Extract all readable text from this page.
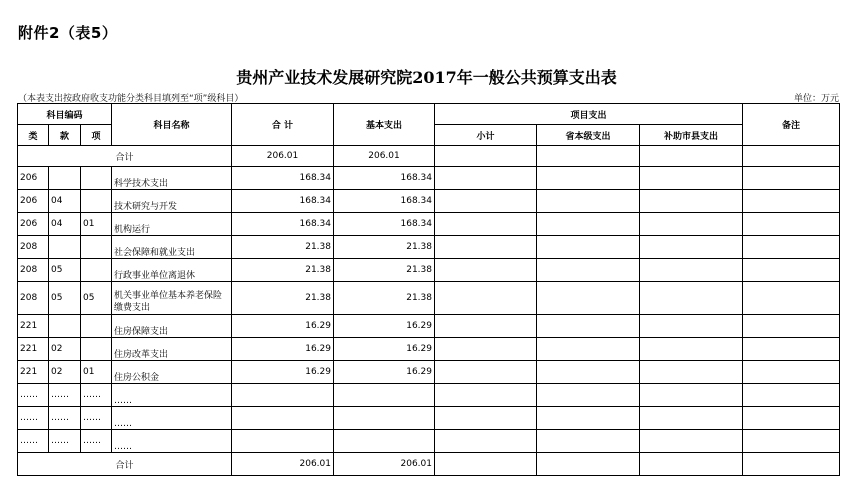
附件2（表5）
贵州产业技术发展研究院2017年一般公共预算支出表
（本表支出按政府收支功能分类科目填列至“项”级科目）	单位：万元
科目编码			科目名称	合 计	基本支出	项目支出			备注
类	款	项				小计	省本级支出	补助市县支出	
合计				206.01	206.01				
206			科学技术支出	168.34	168.34				
206	04		技术研究与开发	168.34	168.34				
206	04	01	机构运行	168.34	168.34				
208			社会保障和就业支出	21.38	21.38				
208	05		行政事业单位离退休	21.38	21.38				
208	05	05	机关事业单位基本养老保险缴费支出	21.38	21.38				
221			住房保障支出	16.29	16.29				
221	02		住房改革支出	16.29	16.29				
221	02	01	住房公积金	16.29	16.29				
……	……	……	……						
……	……	……	……						
……	……	……	……						
合计				206.01	206.01				
